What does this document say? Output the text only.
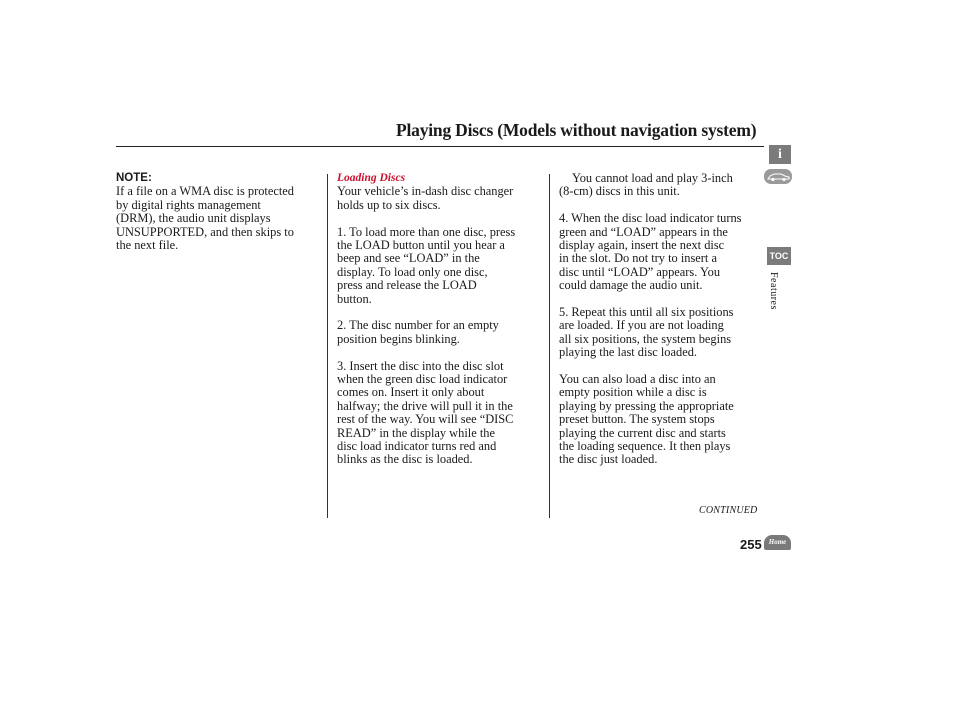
Playing Discs (Models without navigation system)

NOTE:

If a file on a WMA disc is protected

by digital rights management

(DRM), the audio unit displays

UNSUPPORTED, and then skips to

the next file.

Loading Discs

Your vehicle’s in-dash disc changer

holds up to six discs.

1. To load more than one disc, press

the LOAD button until you hear a

beep and see “LOAD” in the

display. To load only one disc,

press and release the LOAD

button.

2. The disc number for an empty

position begins blinking.

3. Insert the disc into the disc slot

when the green disc load indicator

comes on. Insert it only about

halfway; the drive will pull it in the

rest of the way. You will see “DISC

READ” in the display while the

disc load indicator turns red and

blinks as the disc is loaded.

You cannot load and play 3-inch

(8-cm) discs in this unit.

4. When the disc load indicator turns

green and “LOAD” appears in the

display again, insert the next disc

in the slot. Do not try to insert a

disc until “LOAD” appears. You

could damage the audio unit.

5. Repeat this until all six positions

are loaded. If you are not loading

all six positions, the system begins

playing the last disc loaded.

You can also load a disc into an

empty position while a disc is

playing by pressing the appropriate

preset button. The system stops

playing the current disc and starts

the loading sequence. It then plays

the disc just loaded.

CONTINUED
255	Home
i
TOC
Features
